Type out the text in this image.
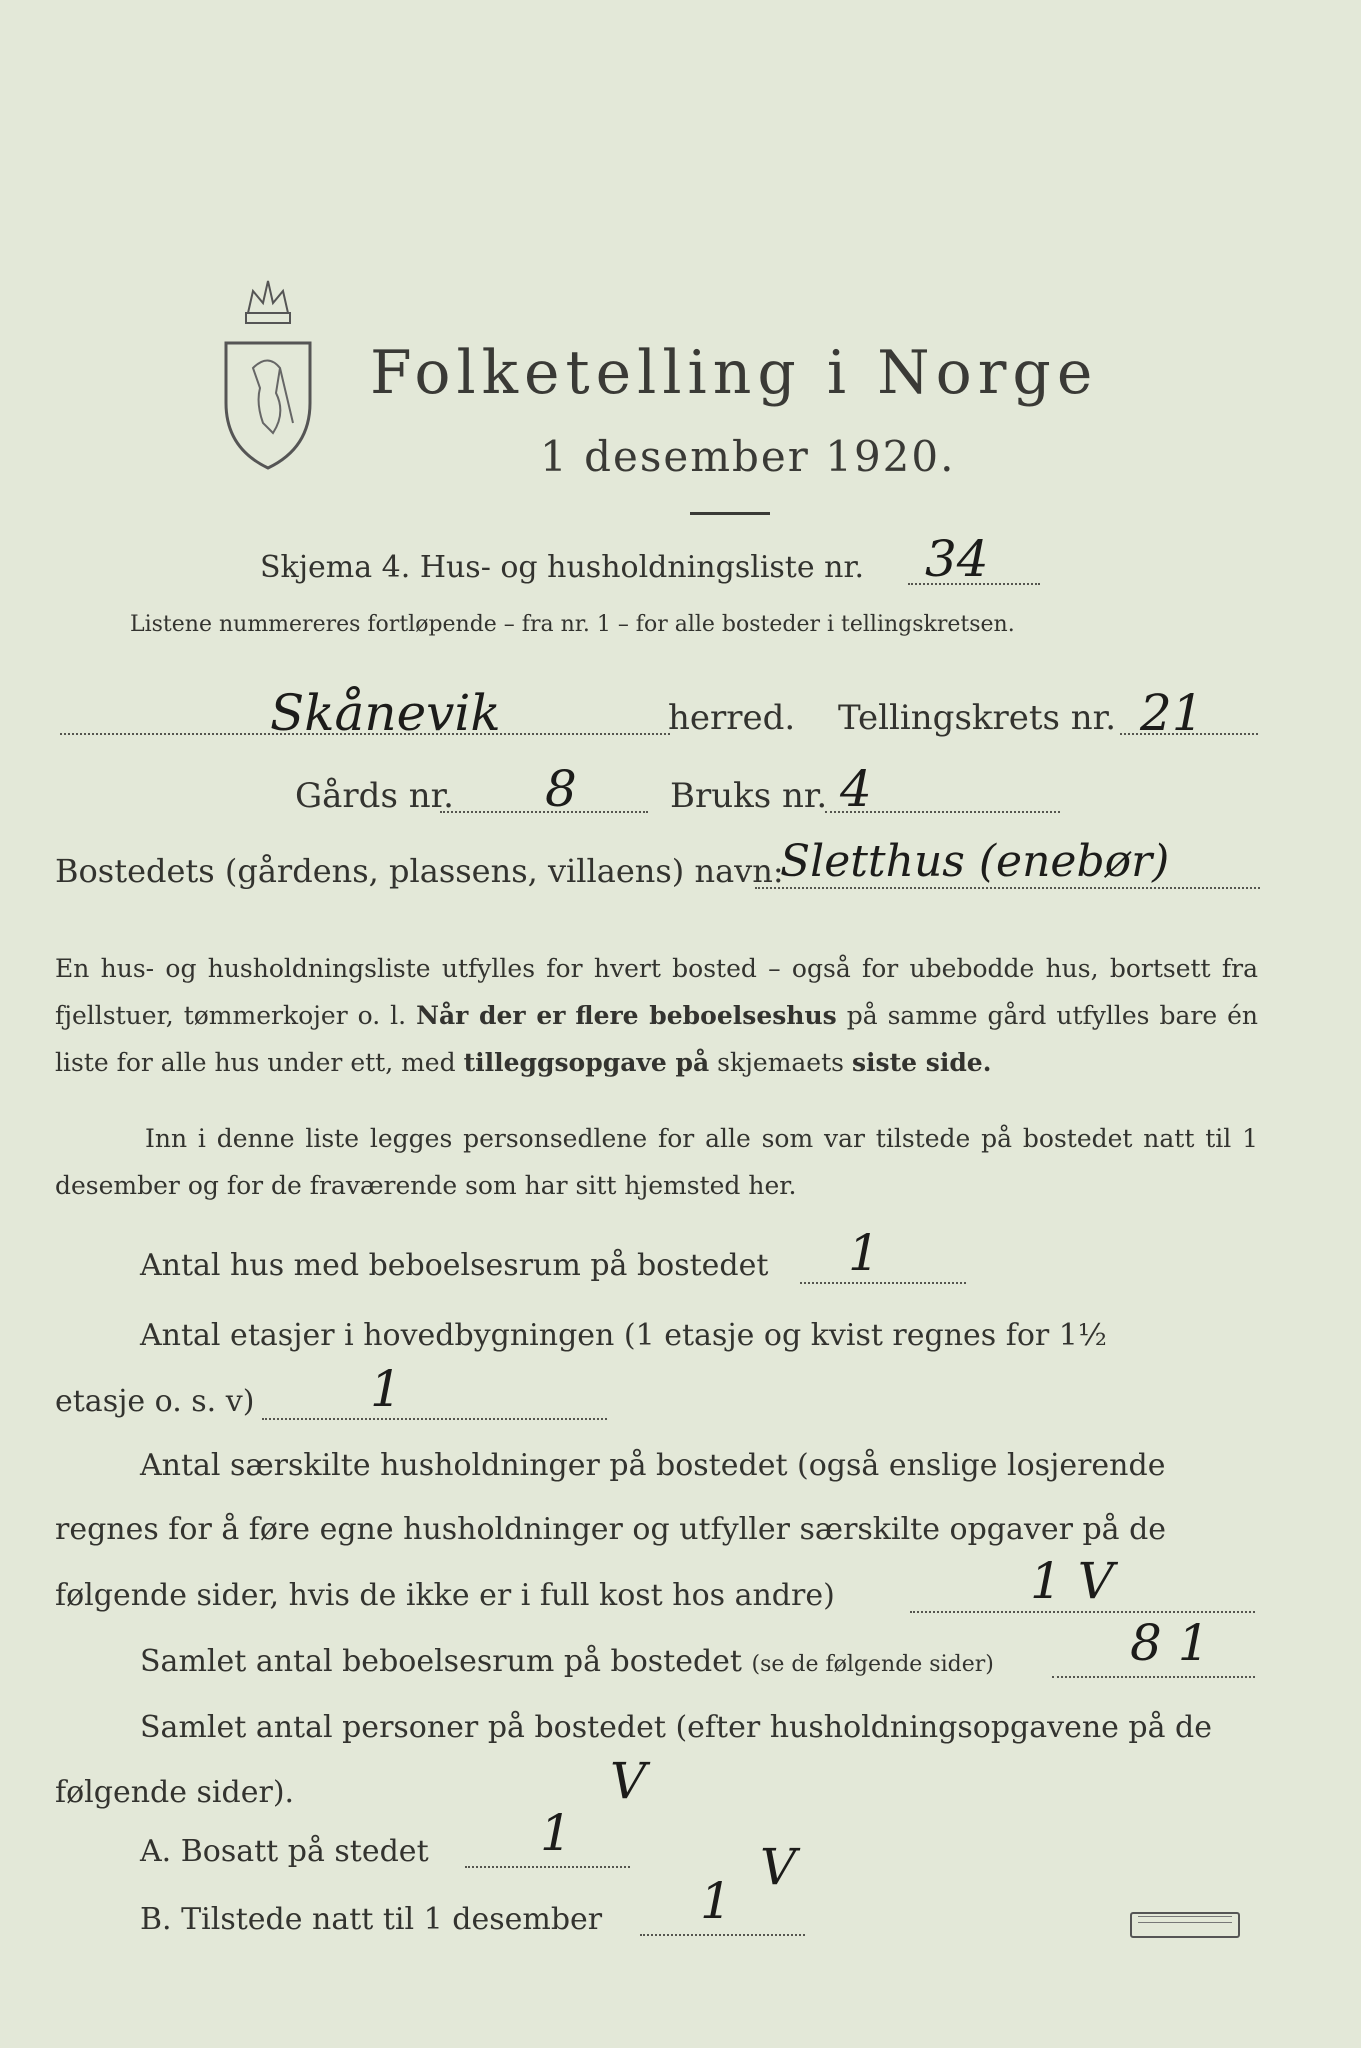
Folketelling i Norge
1 desember 1920.
Skjema 4. Hus- og husholdningsliste nr. 34
Listene nummereres fortløpende – fra nr. 1 – for alle bosteder i tellingskretsen.
Skånevik	herred. Tellingskrets nr. 21
Gårds nr. 8	Bruks nr. 4
Bostedets (gårdens, plassens, villaens) navn:
Sletthus (enebør)
En hus- og husholdningsliste utfylles for hvert bosted – også for ubebodde hus, bortsett fra fjellstuer, tømmerkojer o. l. Når der er flere beboelseshus på samme gård utfylles bare én liste for alle hus under ett, med tilleggsopgave på skjemaets siste side.
Inn i denne liste legges personsedlene for alle som var tilstede på bostedet natt til 1 desember og for de fraværende som har sitt hjemsted her.
Antal hus med beboelsesrum på bostedet 1
Antal etasjer i hovedbygningen (1 etasje og kvist regnes for 1½
etasje o. s. v) 1
Antal særskilte husholdninger på bostedet (også enslige losjerende
regnes for å føre egne husholdninger og utfyller særskilte opgaver på de
følgende sider, hvis de ikke er i full kost hos andre)	1 V
Samlet antal beboelsesrum på bostedet (se de følgende sider)	8 1
Samlet antal personer på bostedet (efter husholdningsopgavene på de
følgende sider).	V
A. Bosatt på stedet 1
B. Tilstede natt til 1 desember 1
V
